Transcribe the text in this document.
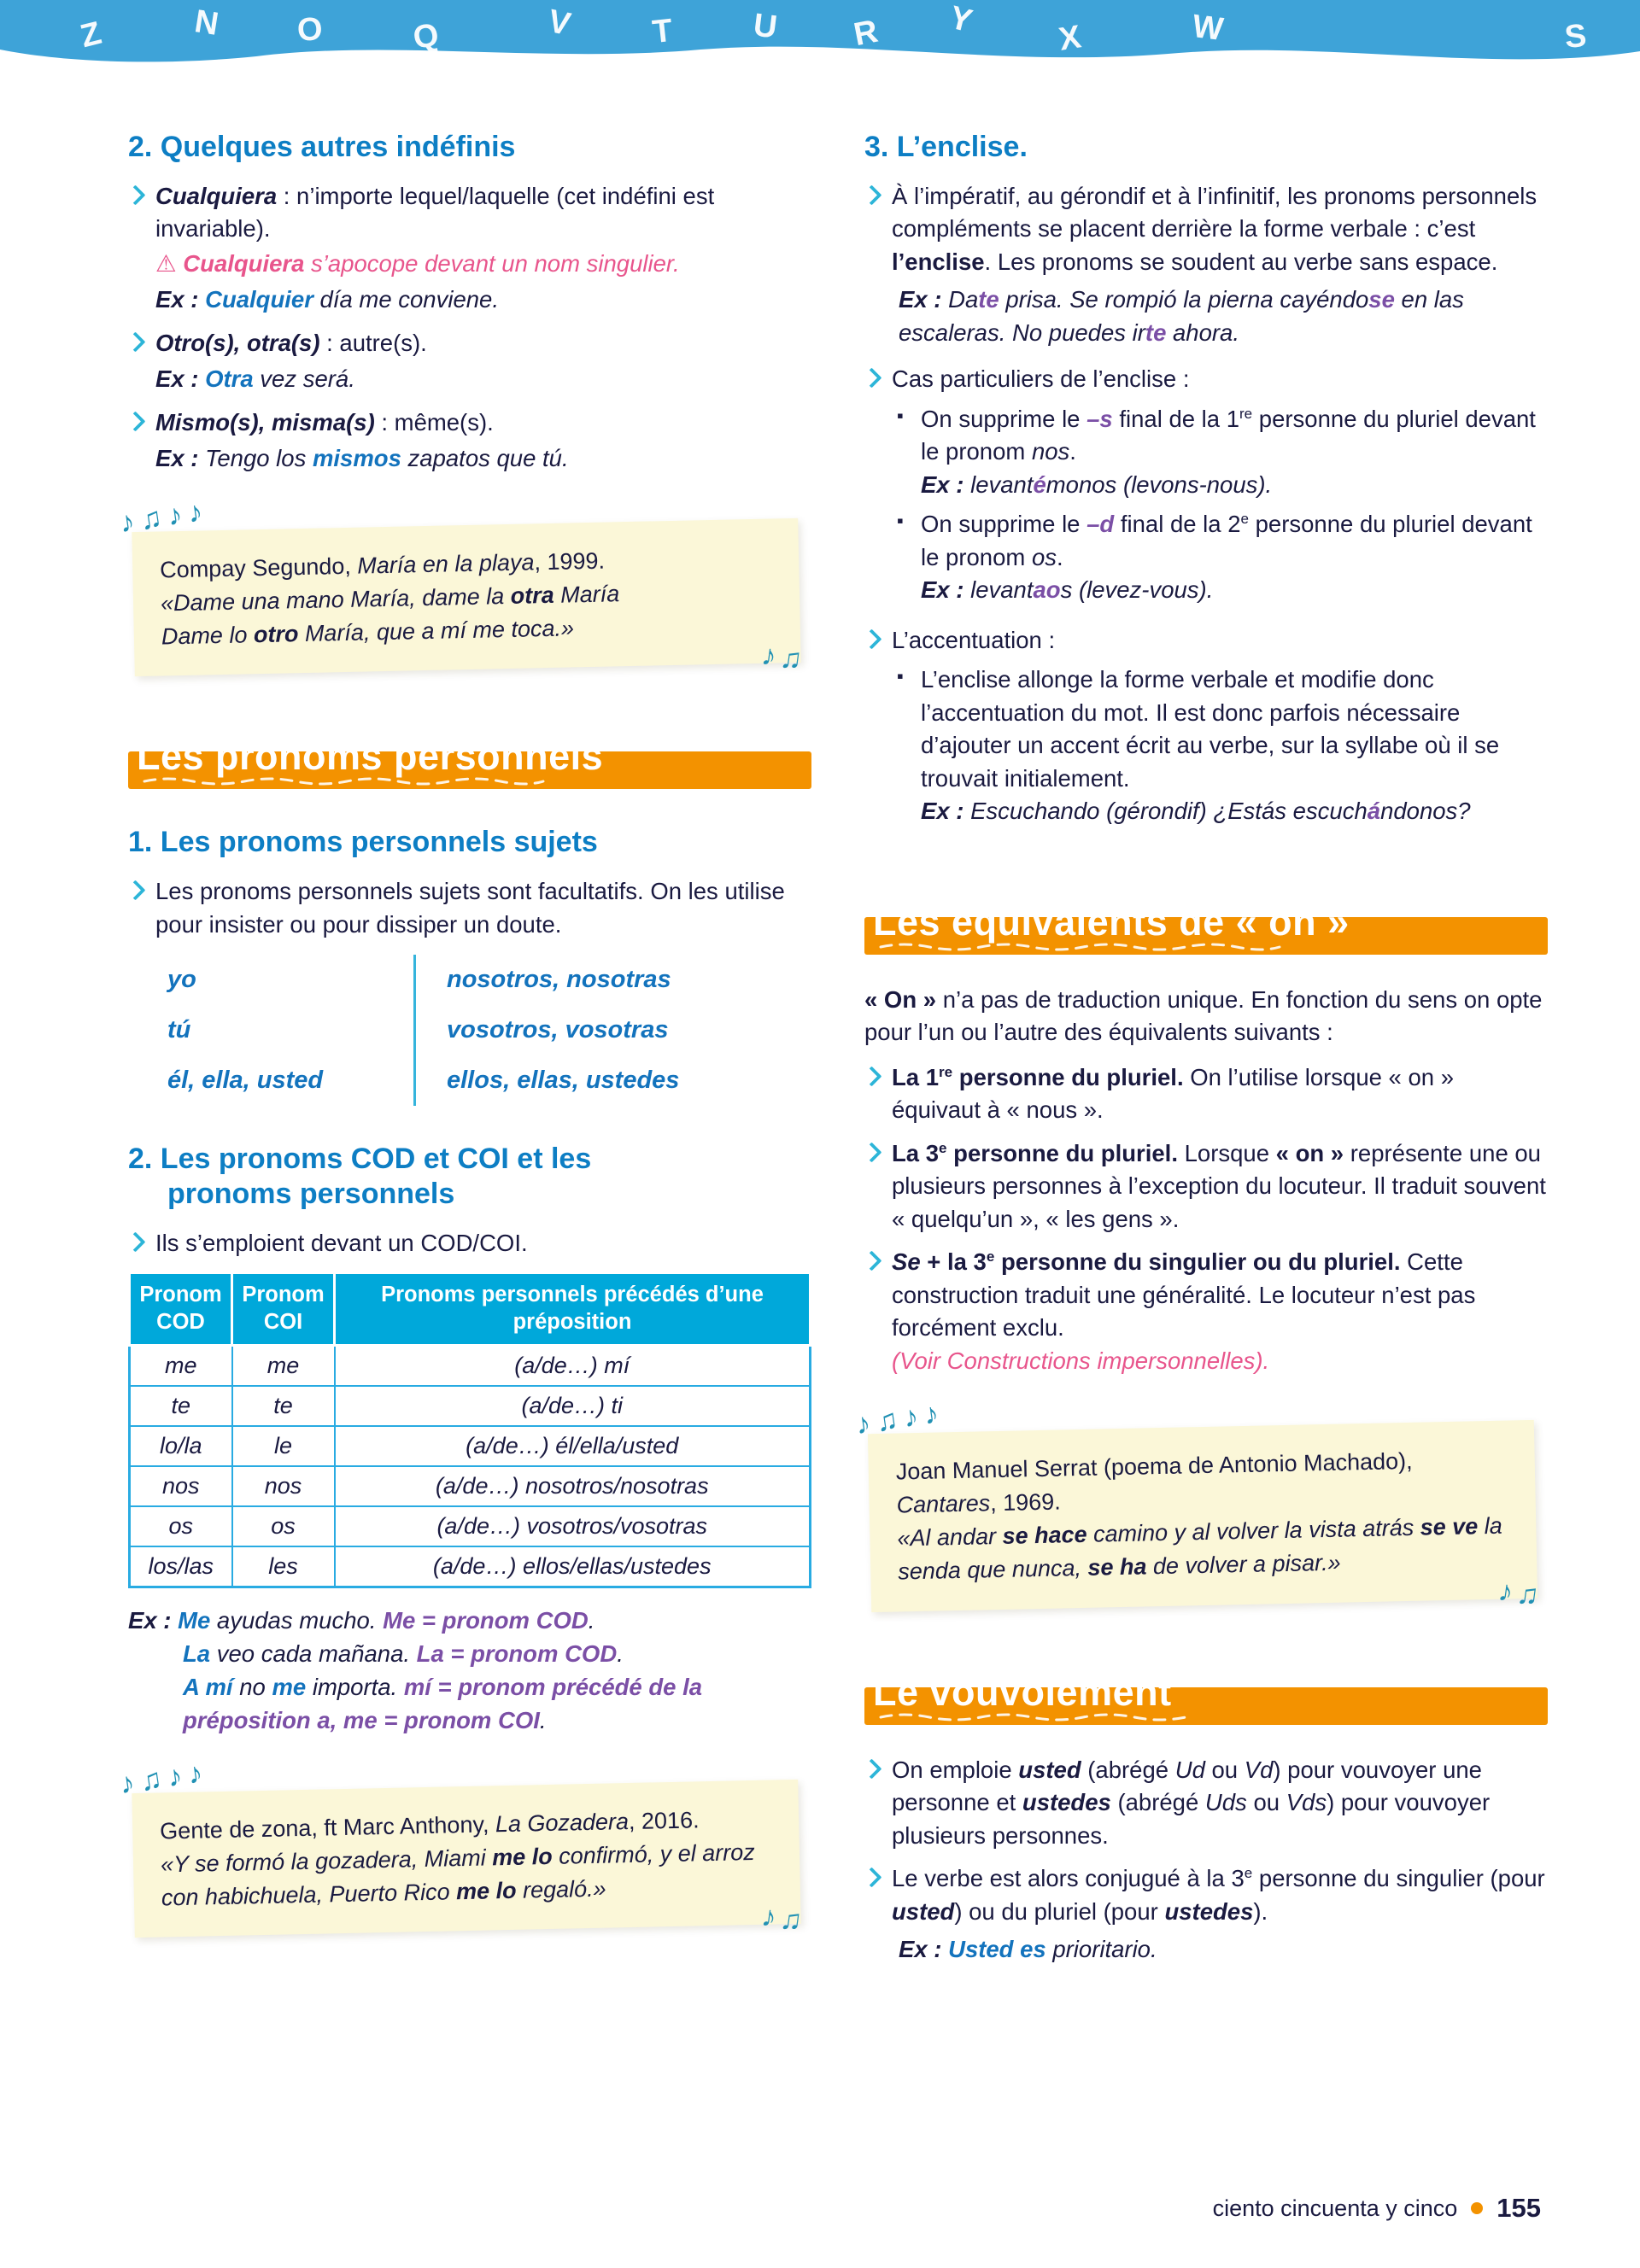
Z	N O	Q	V T U R Y X	W	S
2. Quelques autres indéfinis

Cualquiera : n’importe lequel/laquelle (cet indéfini est invariable).

⚠ Cualquiera s’apocope devant un nom singulier.

Ex : Cualquier día me conviene.

Otro(s), otra(s) : autre(s).

Ex : Otra vez será.

Mismo(s), misma(s) : même(s).

Ex : Tengo los mismos zapatos que tú.

♪♫♪♪

Compay Segundo, María en la playa, 1999.

«Dame una mano María, dame la otra María

Dame lo otro María, que a mí me toca.»

♪♫
Les pronoms personnels
1. Les pronoms personnels sujets

Les pronoms personnels sujets sont facultatifs. On les utilise pour insister ou pour dissiper un doute.

yo	nosotros, nosotras
tú	vosotros, vosotras
él, ella, usted	ellos, ellas, ustedes
2. Les pronoms COD et COI et les pronoms personnels

Ils s’emploient devant un COD/COI.

Pronom COD	Pronom COI	Pronoms personnels précédés d’une préposition
me	me	(a/de…) mí
te	te	(a/de…) ti
lo/la	le	(a/de…) él/ella/usted
nos	nos	(a/de…) nosotros/nosotras
os	os	(a/de…) vosotros/vosotras
los/las	les	(a/de…) ellos/ellas/ustedes

Ex : Me ayudas mucho. Me = pronom COD.

La veo cada mañana. La = pronom COD.

A mí no me importa. mí = pronom précédé de la préposition a, me = pronom COI.

♪♫♪♪

Gente de zona, ft Marc Anthony, La Gozadera, 2016.

«Y se formó la gozadera, Miami me lo confirmó, y el arroz con habichuela, Puerto Rico me lo regaló.»

♪♫
3. L’enclise.

À l’impératif, au gérondif et à l’infinitif, les pronoms personnels compléments se placent derrière la forme verbale : c’est l’enclise. Les pronoms se soudent au verbe sans espace.

Ex : Date prisa. Se rompió la pierna cayéndose en las escaleras. No puedes irte ahora.

Cas particuliers de l’enclise :

▪ On supprime le –s final de la 1re personne du pluriel devant le pronom nos.

Ex : levantémonos (levons-nous).

▪ On supprime le –d final de la 2e personne du pluriel devant le pronom os.

Ex : levantaos (levez-vous).

L’accentuation :

▪ L’enclise allonge la forme verbale et modifie donc l’accentuation du mot. Il est donc parfois nécessaire d’ajouter un accent écrit au verbe, sur la syllabe où il se trouvait initialement.

Ex : Escuchando (gérondif) ¿Estás escuchándonos?

Les équivalents de « on »

« On » n’a pas de traduction unique. En fonction du sens on opte pour l’un ou l’autre des équivalents suivants :

La 1re personne du pluriel. On l’utilise lorsque « on » équivaut à « nous ».

La 3e personne du pluriel. Lorsque « on » représente une ou plusieurs personnes à l’exception du locuteur. Il traduit souvent « quelqu’un », « les gens ».

Se + la 3e personne du singulier ou du pluriel. Cette construction traduit une généralité. Le locuteur n’est pas forcément exclu.

(Voir Constructions impersonnelles).

♪♫♪♪

Joan Manuel Serrat (poema de Antonio Machado), Cantares, 1969.

«Al andar se hace camino y al volver la vista atrás se ve la senda que nunca, se ha de volver a pisar.»

♪♫
Le vouvoiement

On emploie usted (abrégé Ud ou Vd) pour vouvoyer une personne et ustedes (abrégé Uds ou Vds) pour vouvoyer plusieurs personnes.

Le verbe est alors conjugué à la 3e personne du singulier (pour usted) ou du pluriel (pour ustedes).

Ex : Usted es prioritario.

ciento cincuenta y cinco 155
